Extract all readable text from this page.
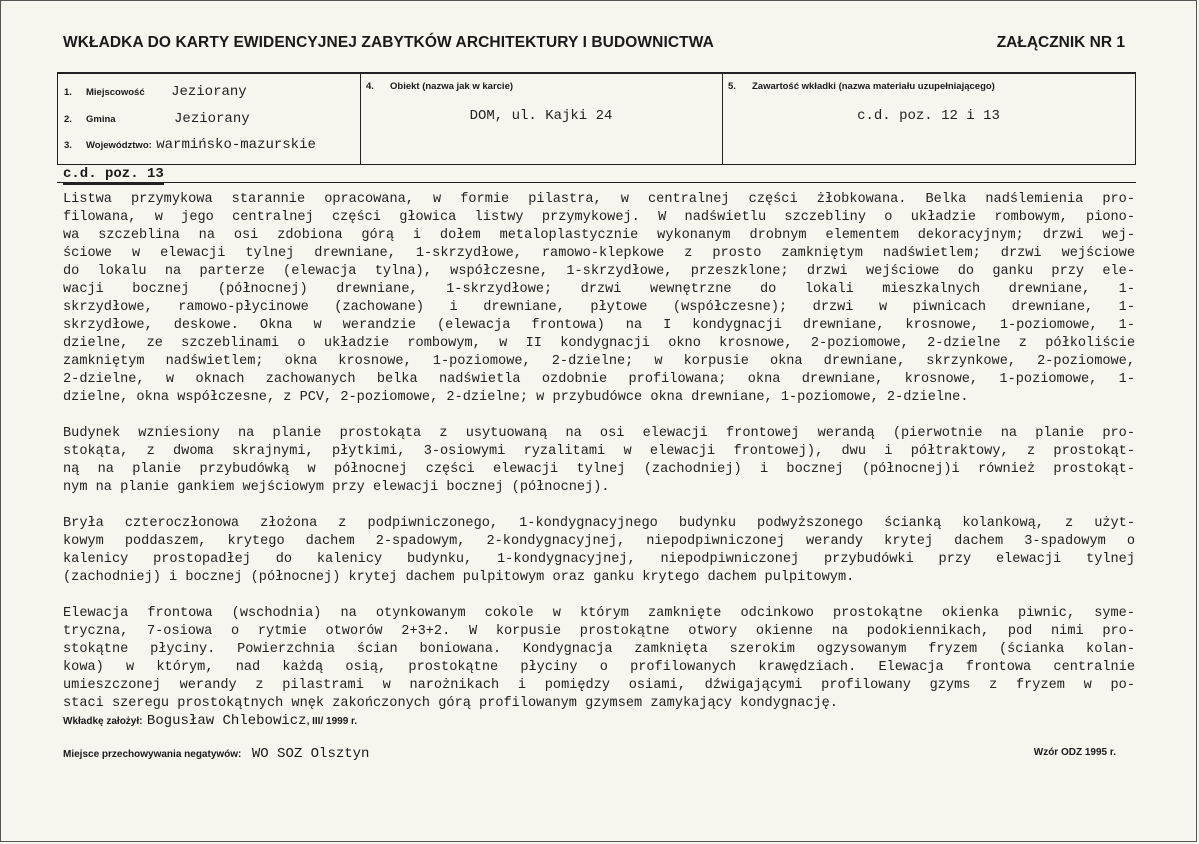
WKŁADKA DO KARTY EWIDENCYJNEJ ZABYTKÓW ARCHITEKTURY I BUDOWNICTWA	ZAŁĄCZNIK NR 1
1. Miejscowość Jeziorany
2. Gmina	Jeziorany
3. Województwo: warmińsko-mazurskie
4. Obiekt (nazwa jak w karcie)
DOM, ul. Kajki 24
5. Zawartość wkładki (nazwa materiału uzupełniającego)
c.d. poz. 12 i 13
c.d. poz. 13
Listwa przymykowa starannie opracowana, w formie pilastra, w centralnej części żłobkowana. Belka nadślemienia pro-
filowana, w jego centralnej części głowica listwy przymykowej. W nadświetlu szczebliny o układzie rombowym, piono-
wa szczeblina na osi zdobiona górą i dołem metaloplastycznie wykonanym drobnym elementem dekoracyjnym; drzwi wej-
ściowe w elewacji tylnej drewniane, 1-skrzydłowe, ramowo-klepkowe z prosto zamkniętym nadświetlem; drzwi wejściowe
do lokalu na parterze (elewacja tylna), współczesne, 1-skrzydłowe, przeszklone; drzwi wejściowe do ganku przy ele-
wacji bocznej (północnej) drewniane, 1-skrzydłowe; drzwi wewnętrzne do lokali mieszkalnych drewniane, 1-
skrzydłowe, ramowo-płycinowe (zachowane) i drewniane, płytowe (współczesne); drzwi w piwnicach drewniane, 1-
skrzydłowe, deskowe. Okna w werandzie (elewacja frontowa) na I kondygnacji drewniane, krosnowe, 1-poziomowe, 1-
dzielne, ze szczeblinami o układzie rombowym, w II kondygnacji okno krosnowe, 2-poziomowe, 2-dzielne z półkoliście
zamkniętym nadświetlem; okna krosnowe, 1-poziomowe, 2-dzielne; w korpusie okna drewniane, skrzynkowe, 2-poziomowe,
2-dzielne, w oknach zachowanych belka nadświetla ozdobnie profilowana; okna drewniane, krosnowe, 1-poziomowe, 1-
dzielne, okna współczesne, z PCV, 2-poziomowe, 2-dzielne; w przybudówce okna drewniane, 1-poziomowe, 2-dzielne.
Budynek wzniesiony na planie prostokąta z usytuowaną na osi elewacji frontowej werandą (pierwotnie na planie pro-
stokąta, z dwoma skrajnymi, płytkimi, 3-osiowymi ryzalitami w elewacji frontowej), dwu i półtraktowy, z prostokąt-
ną na planie przybudówką w północnej części elewacji tylnej (zachodniej) i bocznej (północnej)i również prostokąt-
nym na planie gankiem wejściowym przy elewacji bocznej (północnej).
Bryła czteroczłonowa złożona z podpiwniczonego, 1-kondygnacyjnego budynku podwyższonego ścianką kolankową, z użyt-
kowym poddaszem, krytego dachem 2-spadowym, 2-kondygnacyjnej, niepodpiwniczonej werandy krytej dachem 3-spadowym o
kalenicy prostopadłej do kalenicy budynku, 1-kondygnacyjnej, niepodpiwniczonej przybudówki przy elewacji tylnej
(zachodniej) i bocznej (północnej) krytej dachem pulpitowym oraz ganku krytego dachem pulpitowym.
Elewacja frontowa (wschodnia) na otynkowanym cokole w którym zamknięte odcinkowo prostokątne okienka piwnic, syme-
tryczna, 7-osiowa o rytmie otworów 2+3+2. W korpusie prostokątne otwory okienne na podokiennikach, pod nimi pro-
stokątne płyciny. Powierzchnia ścian boniowana. Kondygnacja zamknięta szerokim ogzysowanym fryzem (ścianka kolan-
kowa) w którym, nad każdą osią, prostokątne płyciny o profilowanych krawędziach. Elewacja frontowa centralnie
umieszczonej werandy z pilastrami w narożnikach i pomiędzy osiami, dźwigającymi profilowany gzyms z fryzem w po-
staci szeregu prostokątnych wnęk zakończonych górą profilowanym gzymsem zamykający kondygnację.
Wkładkę założył: Bogusław Chlebowicz, III/ 1999 r.
Miejsce przechowywania negatywów: WO SOZ Olsztyn	Wzór ODZ 1995 r.
